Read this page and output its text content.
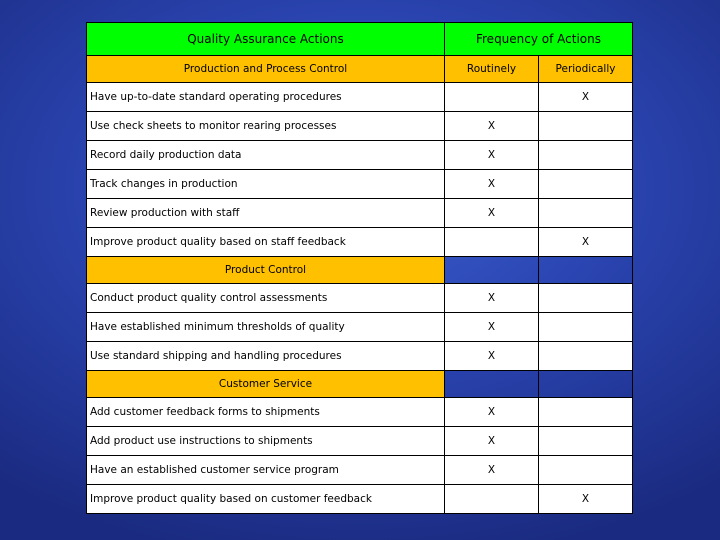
Quality Assurance Actions	Frequency of Actions	
Production and Process Control	Routinely	Periodically
Have up-to-date standard operating procedures		X
Use check sheets to monitor rearing processes	X	
Record daily production data	X	
Track changes in production	X	
Review production with staff	X	
Improve product quality based on staff feedback		X
Product Control		
Conduct product quality control assessments	X	
Have established minimum thresholds of quality	X	
Use standard shipping and handling procedures	X	
Customer Service		
Add customer feedback forms to shipments	X	
Add product use instructions to shipments	X	
Have an established customer service program	X	
Improve product quality based on customer feedback		X
